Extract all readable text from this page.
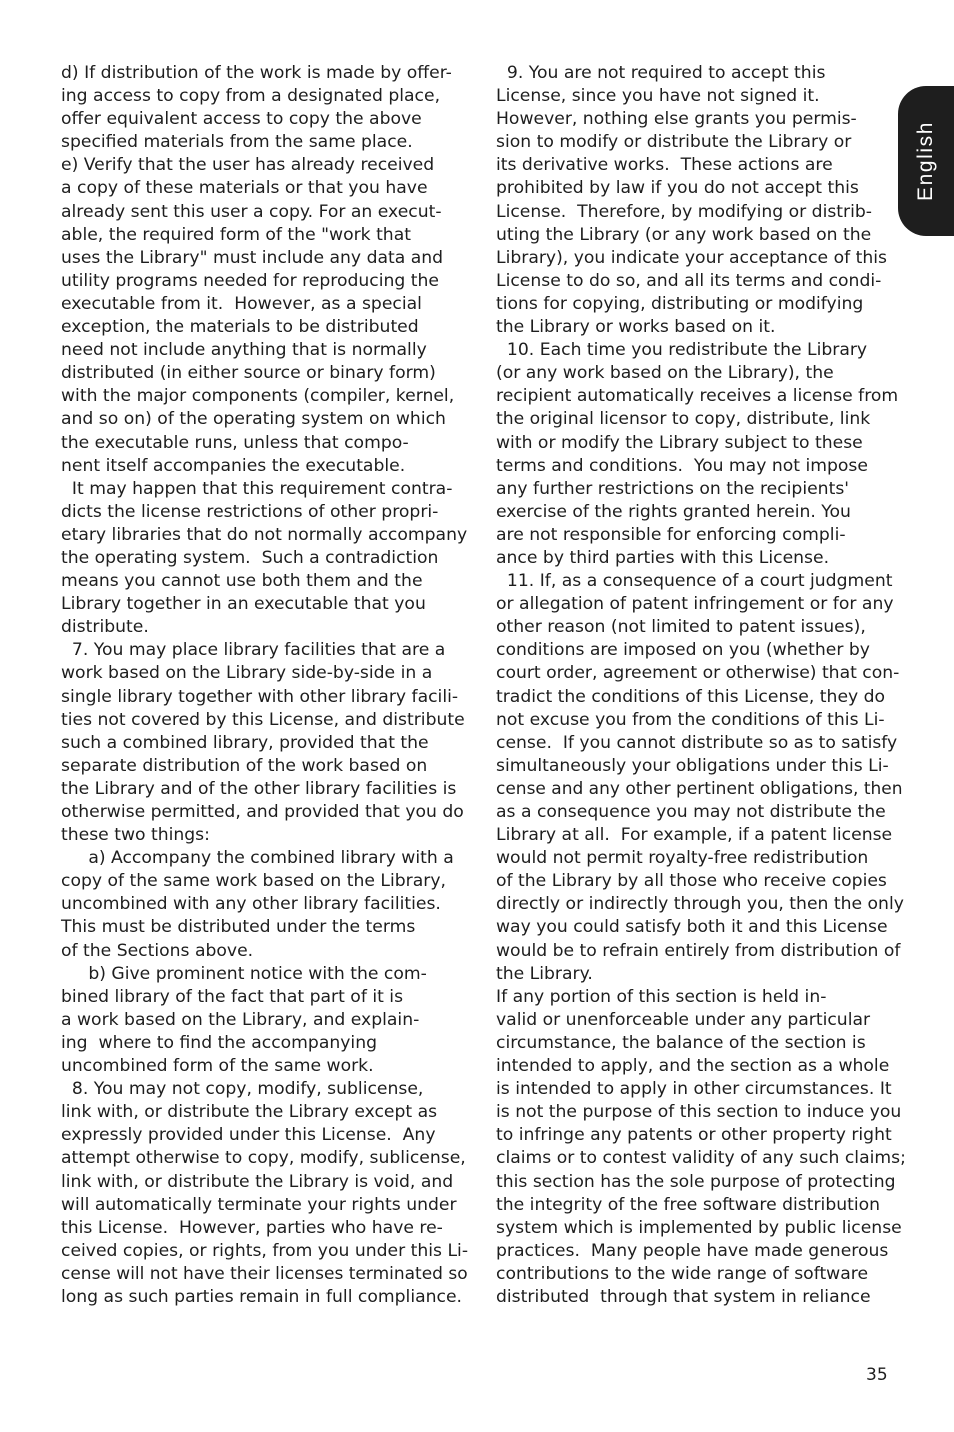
d) If distribution of the work is made by offer-
ing access to copy from a designated place,
offer equivalent access to copy the above
specified materials from the same place.
e) Verify that the user has already received
a copy of these materials or that you have
already sent this user a copy. For an execut-
able, the required form of the "work that
uses the Library" must include any data and
utility programs needed for reproducing the
executable from it.  However, as a special
exception, the materials to be distributed
need not include anything that is normally
distributed (in either source or binary form)
with the major components (compiler, kernel,
and so on) of the operating system on which
the executable runs, unless that compo-
nent itself accompanies the executable.
It may happen that this requirement contra-
dicts the license restrictions of other propri-
etary libraries that do not normally accompany
the operating system.  Such a contradiction
means you cannot use both them and the
Library together in an executable that you
distribute.
7. You may place library facilities that are a
work based on the Library side-by-side in a
single library together with other library facili-
ties not covered by this License, and distribute
such a combined library, provided that the
separate distribution of the work based on
the Library and of the other library facilities is
otherwise permitted, and provided that you do
these two things:
a) Accompany the combined library with a
copy of the same work based on the Library,
uncombined with any other library facilities.
This must be distributed under the terms
of the Sections above.
b) Give prominent notice with the com-
bined library of the fact that part of it is
a work based on the Library, and explain-
ing  where to find the accompanying
uncombined form of the same work.
8. You may not copy, modify, sublicense,
link with, or distribute the Library except as
expressly provided under this License.  Any
attempt otherwise to copy, modify, sublicense,
link with, or distribute the Library is void, and
will automatically terminate your rights under
this License.  However, parties who have re-
ceived copies, or rights, from you under this Li-
cense will not have their licenses terminated so
long as such parties remain in full compliance.
9. You are not required to accept this
License, since you have not signed it.
However, nothing else grants you permis-
sion to modify or distribute the Library or
its derivative works.  These actions are
prohibited by law if you do not accept this
License.  Therefore, by modifying or distrib-
uting the Library (or any work based on the
Library), you indicate your acceptance of this
License to do so, and all its terms and condi-
tions for copying, distributing or modifying
the Library or works based on it.
10. Each time you redistribute the Library
(or any work based on the Library), the
recipient automatically receives a license from
the original licensor to copy, distribute, link
with or modify the Library subject to these
terms and conditions.  You may not impose
any further restrictions on the recipients'
exercise of the rights granted herein. You
are not responsible for enforcing compli-
ance by third parties with this License.
11. If, as a consequence of a court judgment
or allegation of patent infringement or for any
other reason (not limited to patent issues),
conditions are imposed on you (whether by
court order, agreement or otherwise) that con-
tradict the conditions of this License, they do
not excuse you from the conditions of this Li-
cense.  If you cannot distribute so as to satisfy
simultaneously your obligations under this Li-
cense and any other pertinent obligations, then
as a consequence you may not distribute the
Library at all.  For example, if a patent license
would not permit royalty-free redistribution
of the Library by all those who receive copies
directly or indirectly through you, then the only
way you could satisfy both it and this License
would be to refrain entirely from distribution of
the Library.
If any portion of this section is held in-
valid or unenforceable under any particular
circumstance, the balance of the section is
intended to apply, and the section as a whole
is intended to apply in other circumstances. It
is not the purpose of this section to induce you
to infringe any patents or other property right
claims or to contest validity of any such claims;
this section has the sole purpose of protecting
the integrity of the free software distribution
system which is implemented by public license
practices.  Many people have made generous
contributions to the wide range of software
distributed  through that system in reliance
English
35
